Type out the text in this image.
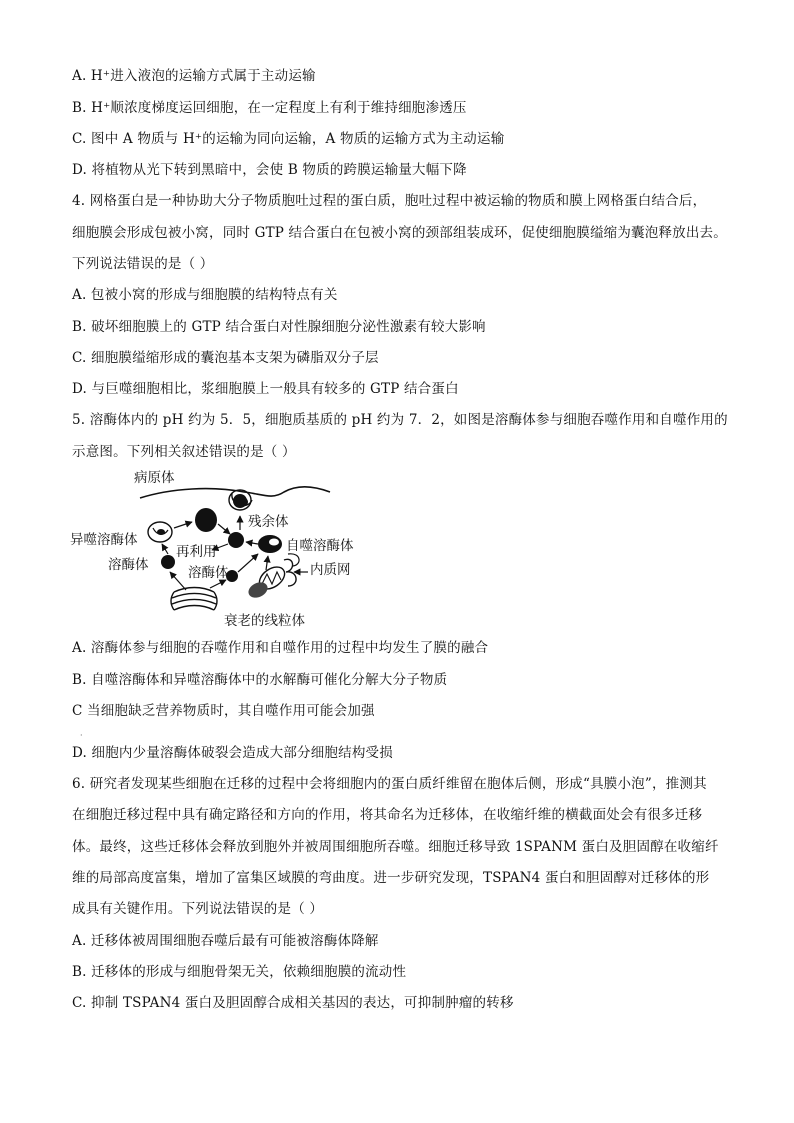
A. H⁺进入液泡的运输方式属于主动运输
B. H⁺顺浓度梯度运回细胞，在一定程度上有利于维持细胞渗透压
C. 图中 A 物质与 H⁺的运输为同向运输，A 物质的运输方式为主动运输
D. 将植物从光下转到黑暗中，会使 B 物质的跨膜运输量大幅下降
4. 网格蛋白是一种协助大分子物质胞吐过程的蛋白质，胞吐过程中被运输的物质和膜上网格蛋白结合后，
细胞膜会形成包被小窝，同时 GTP 结合蛋白在包被小窝的颈部组装成环，促使细胞膜缢缩为囊泡释放出去。
下列说法错误的是（ ）
A. 包被小窝的形成与细胞膜的结构特点有关
B. 破坏细胞膜上的 GTP 结合蛋白对性腺细胞分泌性激素有较大影响
C. 细胞膜缢缩形成的囊泡基本支架为磷脂双分子层
D. 与巨噬细胞相比，浆细胞膜上一般具有较多的 GTP 结合蛋白
5. 溶酶体内的 pH 约为 5．5，细胞质基质的 pH 约为 7．2，如图是溶酶体参与细胞吞噬作用和自噬作用的
示意图。下列相关叙述错误的是（ ）
病原体
残余体
异噬溶酶体
再利用	自噬溶酶体
溶酶体	溶酶体	内质网
衰老的线粒体
A. 溶酶体参与细胞的吞噬作用和自噬作用的过程中均发生了膜的融合
B. 自噬溶酶体和异噬溶酶体中的水解酶可催化分解大分子物质
C 当细胞缺乏营养物质时，其自噬作用可能会加强
·
D. 细胞内少量溶酶体破裂会造成大部分细胞结构受损
6. 研究者发现某些细胞在迁移的过程中会将细胞内的蛋白质纤维留在胞体后侧，形成“具膜小泡”，推测其
在细胞迁移过程中具有确定路径和方向的作用，将其命名为迁移体，在收缩纤维的横截面处会有很多迁移
体。最终，这些迁移体会释放到胞外并被周围细胞所吞噬。细胞迁移导致 1SPANM 蛋白及胆固醇在收缩纤
维的局部高度富集，增加了富集区域膜的弯曲度。进一步研究发现，TSPAN4 蛋白和胆固醇对迁移体的形
成具有关键作用。下列说法错误的是（ ）
A. 迁移体被周围细胞吞噬后最有可能被溶酶体降解
B. 迁移体的形成与细胞骨架无关，依赖细胞膜的流动性
C. 抑制 TSPAN4 蛋白及胆固醇合成相关基因的表达，可抑制肿瘤的转移
